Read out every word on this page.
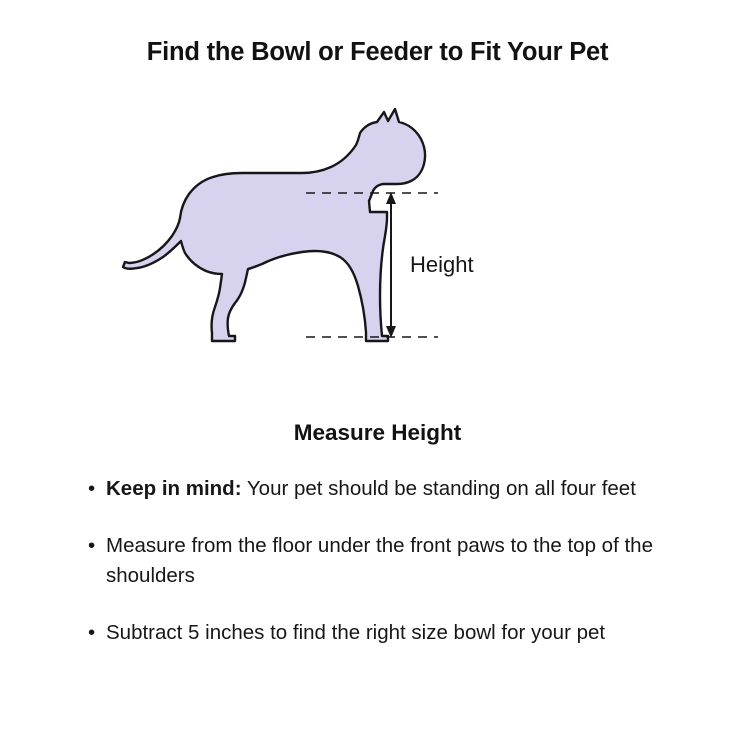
Find the Bowl or Feeder to Fit Your Pet
Height
Measure Height
• Keep in mind: Your pet should be standing on all four feet
• Measure from the floor under the front paws to the top of the shoulders
• Subtract 5 inches to find the right size bowl for your pet
